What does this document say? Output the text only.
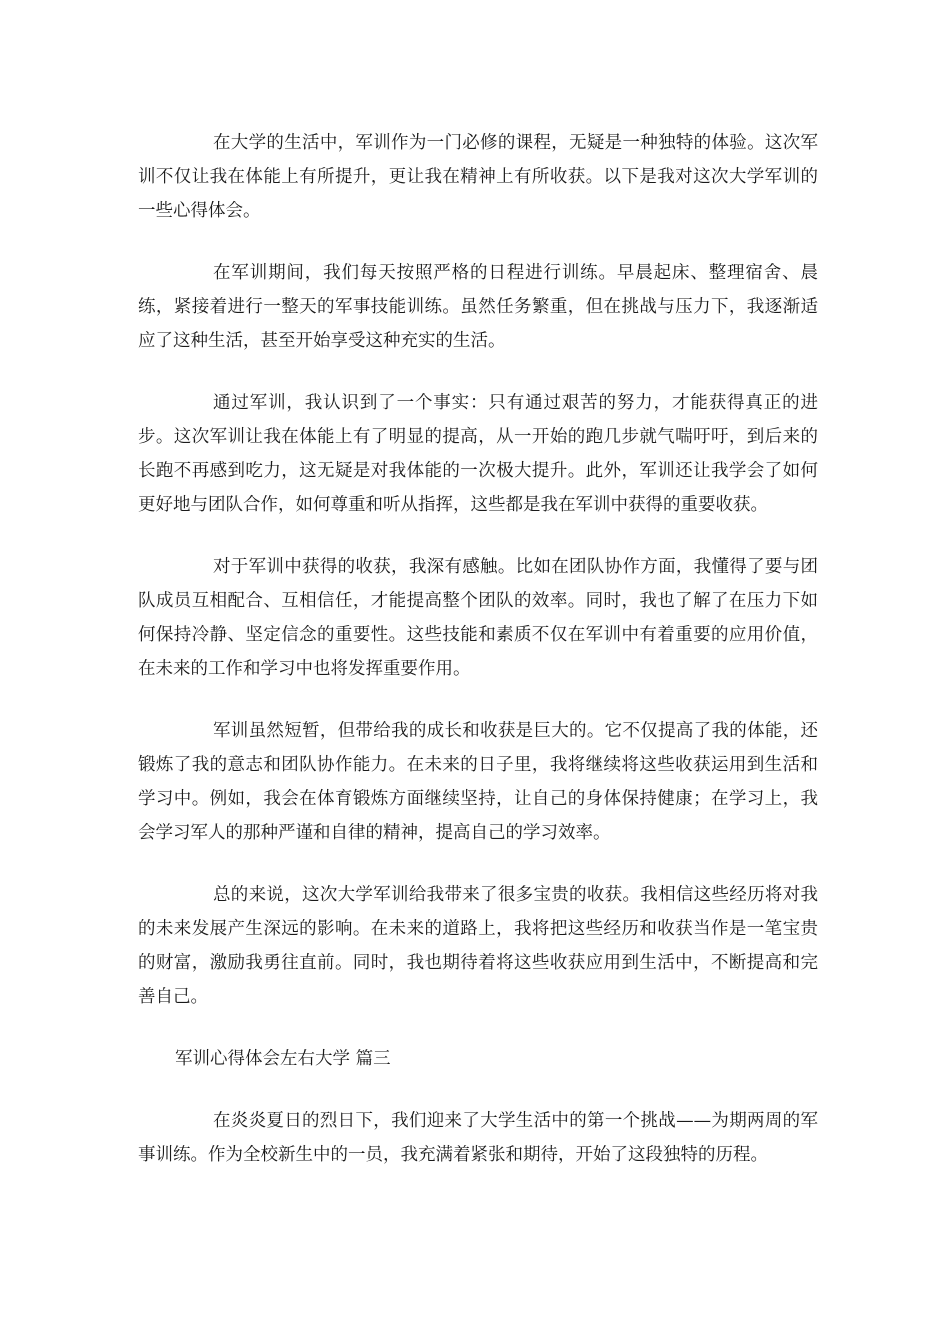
在大学的生活中，军训作为一门必修的课程，无疑是一种独特的体验。这次军训不仅让我在体能上有所提升，更让我在精神上有所收获。以下是我对这次大学军训的一些心得体会。

在军训期间，我们每天按照严格的日程进行训练。早晨起床、整理宿舍、晨练，紧接着进行一整天的军事技能训练。虽然任务繁重，但在挑战与压力下，我逐渐适应了这种生活，甚至开始享受这种充实的生活。

通过军训，我认识到了一个事实：只有通过艰苦的努力，才能获得真正的进步。这次军训让我在体能上有了明显的提高，从一开始的跑几步就气喘吁吁，到后来的长跑不再感到吃力，这无疑是对我体能的一次极大提升。此外，军训还让我学会了如何更好地与团队合作，如何尊重和听从指挥，这些都是我在军训中获得的重要收获。

对于军训中获得的收获，我深有感触。比如在团队协作方面，我懂得了要与团队成员互相配合、互相信任，才能提高整个团队的效率。同时，我也了解了在压力下如何保持冷静、坚定信念的重要性。这些技能和素质不仅在军训中有着重要的应用价值，在未来的工作和学习中也将发挥重要作用。

军训虽然短暂，但带给我的成长和收获是巨大的。它不仅提高了我的体能，还锻炼了我的意志和团队协作能力。在未来的日子里，我将继续将这些收获运用到生活和学习中。例如，我会在体育锻炼方面继续坚持，让自己的身体保持健康；在学习上，我会学习军人的那种严谨和自律的精神，提高自己的学习效率。

总的来说，这次大学军训给我带来了很多宝贵的收获。我相信这些经历将对我的未来发展产生深远的影响。在未来的道路上，我将把这些经历和收获当作是一笔宝贵的财富，激励我勇往直前。同时，我也期待着将这些收获应用到生活中，不断提高和完善自己。

军训心得体会左右大学 篇三

在炎炎夏日的烈日下，我们迎来了大学生活中的第一个挑战——为期两周的军事训练。作为全校新生中的一员，我充满着紧张和期待，开始了这段独特的历程。
